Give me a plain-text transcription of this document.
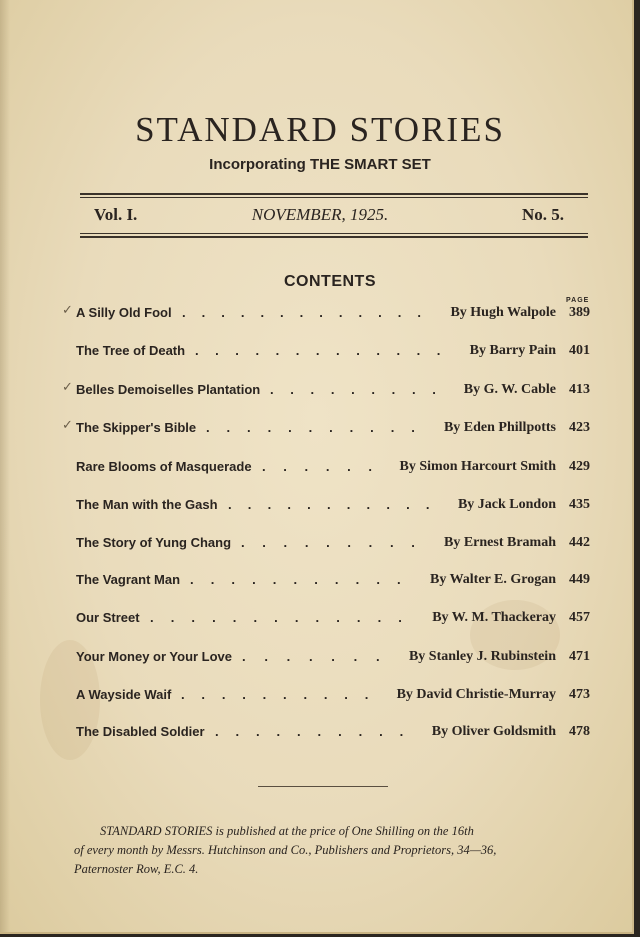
STANDARD STORIES
Incorporating THE SMART SET
Vol. I.	NOVEMBER, 1925.	No. 5.
CONTENTS
PAGE
A Silly Old Fool ............. By Hugh Walpole 389
✓
The Tree of Death ............. By Barry Pain 401
Belles Demoiselles Plantation ......... By G. W. Cable 413
✓
The Skipper's Bible ........... By Eden Phillpotts 423
✓
Rare Blooms of Masquerade ...... By Simon Harcourt Smith 429
The Man with the Gash ........... By Jack London 435
The Story of Yung Chang ......... By Ernest Bramah 442
The Vagrant Man ........... By Walter E. Grogan 449
Our Street ............. By W. M. Thackeray 457
Your Money or Your Love ....... By Stanley J. Rubinstein 471
A Wayside Waif .......... By David Christie-Murray 473
The Disabled Soldier .......... By Oliver Goldsmith 478
STANDARD STORIES is published at the price of One Shilling on the 16th
of every month by Messrs. Hutchinson and Co., Publishers and Proprietors, 34—36,
Paternoster Row, E.C. 4.
